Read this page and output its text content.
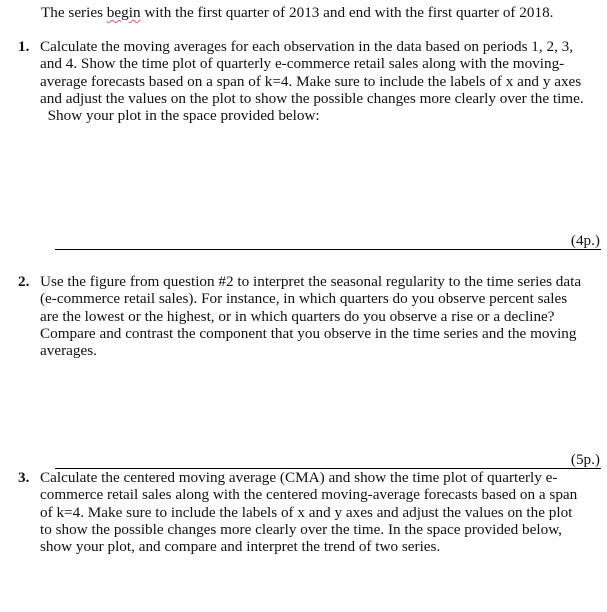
The series begin with the first quarter of 2013 and end with the first quarter of 2018.
1. Calculate the moving averages for each observation in the data based on periods 1, 2, 3,
and 4. Show the time plot of quarterly e-commerce retail sales along with the moving-
average forecasts based on a span of k=4. Make sure to include the labels of x and y axes
and adjust the values on the plot to show the possible changes more clearly over the time.
Show your plot in the space provided below:
(4p.)
2. Use the figure from question #2 to interpret the seasonal regularity to the time series data
(e-commerce retail sales). For instance, in which quarters do you observe percent sales
are the lowest or the highest, or in which quarters do you observe a rise or a decline?
Compare and contrast the component that you observe in the time series and the moving
averages.
(5p.)
3. Calculate the centered moving average (CMA) and show the time plot of quarterly e-
commerce retail sales along with the centered moving-average forecasts based on a span
of k=4. Make sure to include the labels of x and y axes and adjust the values on the plot
to show the possible changes more clearly over the time. In the space provided below,
show your plot, and compare and interpret the trend of two series.
